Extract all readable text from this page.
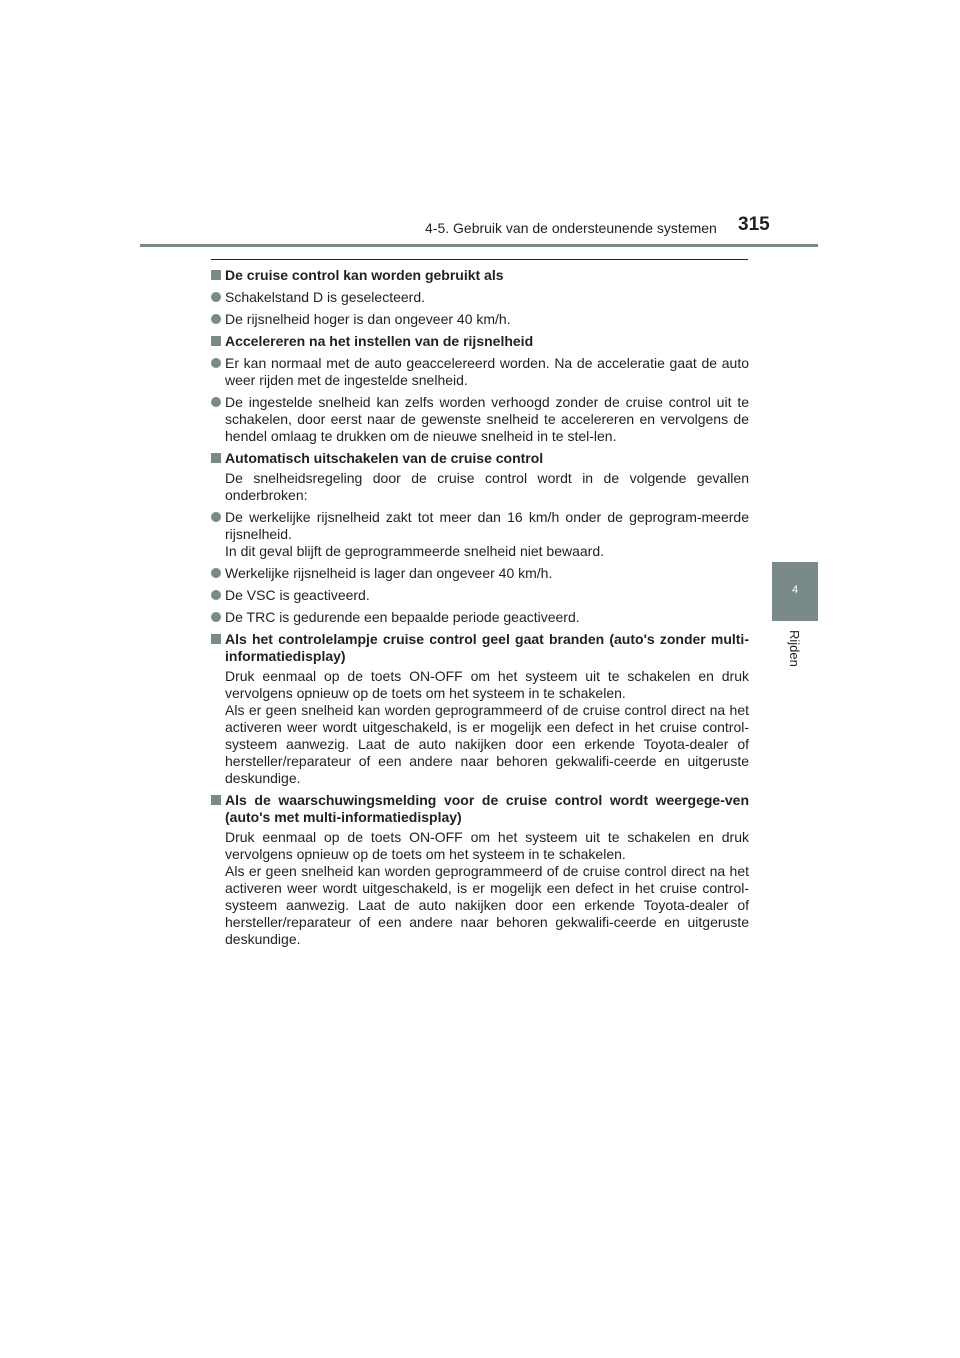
4-5. Gebruik van de ondersteunende systemen 315
4
Rijden
De cruise control kan worden gebruikt als
Schakelstand D is geselecteerd.
De rijsnelheid hoger is dan ongeveer 40 km/h.
Accelereren na het instellen van de rijsnelheid
Er kan normaal met de auto geaccelereerd worden. Na de acceleratie gaat de auto weer rijden met de ingestelde snelheid.
De ingestelde snelheid kan zelfs worden verhoogd zonder de cruise control uit te schakelen, door eerst naar de gewenste snelheid te accelereren en vervolgens de hendel omlaag te drukken om de nieuwe snelheid in te stel-len.
Automatisch uitschakelen van de cruise control
De snelheidsregeling door de cruise control wordt in de volgende gevallen onderbroken:
De werkelijke rijsnelheid zakt tot meer dan 16 km/h onder de geprogram-meerde rijsnelheid.
In dit geval blijft de geprogrammeerde snelheid niet bewaard.
Werkelijke rijsnelheid is lager dan ongeveer 40 km/h.
De VSC is geactiveerd.
De TRC is gedurende een bepaalde periode geactiveerd.
Als het controlelampje cruise control geel gaat branden (auto's zonder multi-informatiedisplay)
Druk eenmaal op de toets ON-OFF om het systeem uit te schakelen en druk vervolgens opnieuw op de toets om het systeem in te schakelen.
Als er geen snelheid kan worden geprogrammeerd of de cruise control direct na het activeren weer wordt uitgeschakeld, is er mogelijk een defect in het cruise control-systeem aanwezig. Laat de auto nakijken door een erkende Toyota-dealer of hersteller/reparateur of een andere naar behoren gekwalifi-ceerde en uitgeruste deskundige.
Als de waarschuwingsmelding voor de cruise control wordt weergege-ven (auto's met multi-informatiedisplay)
Druk eenmaal op de toets ON-OFF om het systeem uit te schakelen en druk vervolgens opnieuw op de toets om het systeem in te schakelen.
Als er geen snelheid kan worden geprogrammeerd of de cruise control direct na het activeren weer wordt uitgeschakeld, is er mogelijk een defect in het cruise control-systeem aanwezig. Laat de auto nakijken door een erkende Toyota-dealer of hersteller/reparateur of een andere naar behoren gekwalifi-ceerde en uitgeruste deskundige.
